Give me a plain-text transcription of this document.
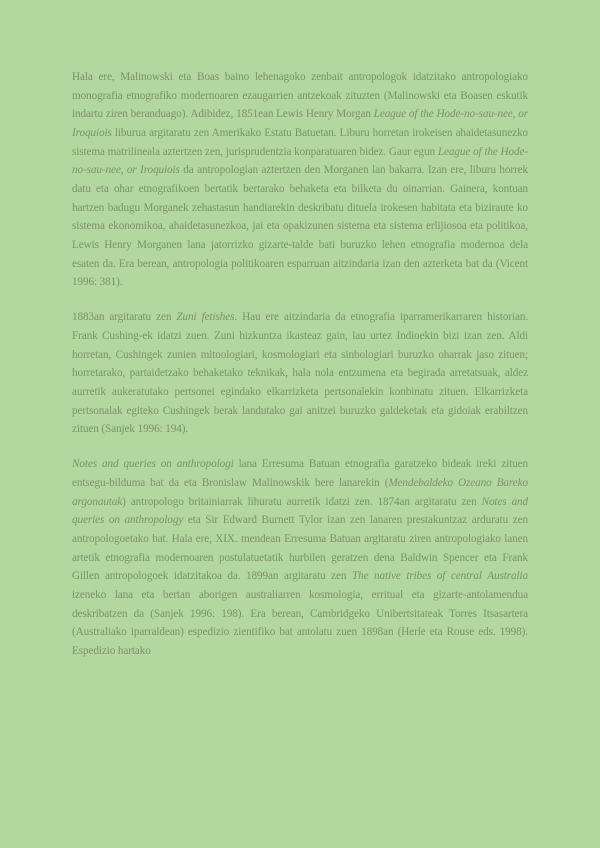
Hala ere, Malinowski eta Boas baino lehenagoko zenbait antropologok idatzitako antropologiako monografia etnografiko modernoaren ezaugarrien antzekoak zituzten (Malinowski eta Boasen eskutik indartu ziren beranduago). Adibidez, 1851ean Lewis Henry Morgan League of the Hode-no-sau-nee, or Iroquiois liburua argitaratu zen Amerikako Estatu Batuetan. Liburu horretan irokeisen ahaidetasunezko sistema matrilineala aztertzen zen, jurisprudentzia konparatuaren bidez. Gaur egun League of the Hode-no-sau-nee, or Iroquiois da antropologian aztertzen den Morganen lan bakarra. Izan ere, liburu horrek datu eta ohar etnografikoen bertatik bertarako behaketa eta bilketa du oinarrian. Gainera, kontuan hartzen badugu Morganek zehastasun handiarekin deskribatu dituela irokesen habitata eta biziraute ko sistema ekonomikoa, ahaidetasunezkoa, jai eta opakizunen sistema eta sistema erlijiosoa eta politikoa, Lewis Henry Morganen lana jatorrizko gizarte-talde bati buruzko lehen etnografia modernoa dela esaten da. Era berean, antropologia politikoaren esparruan aitzindaria izan den azterketa bat da (Vicent 1996: 381).

1883an argitaratu zen Zuni fetishes. Hau ere aitzindaria da etnografia iparramerikarraren historian. Frank Cushing-ek idatzi zuen. Zuni hizkuntza ikasteaz gain, lau urtez Indioekin bizi izan zen. Aldi horretan, Cushingek zunien mitoologiari, kosmologiari eta sinbologiari buruzko oharrak jaso zituen; horretarako, partaidetzako behaketako teknikak, hala nola entzumena eta begirada arretatsuak, aldez aurretik aukeratutako pertsonei egindako elkarrizketa pertsonalekin konbinatu zituen. Elkarrizketa pertsonalak egiteko Cushingek berak landutako gai anitzei buruzko galdeketak eta gidoiak erabiltzen zituen (Sanjek 1996: 194).

Notes and queries on anthropologi lana Erresuma Batuan etnografia garatzeko bideak ireki zituen entsegu-bilduma bat da eta Bronislaw Malinowskik bere lanarekin (Mendebaldeko Ozeano Bareko argonautak) antropologo britainiarrak lihuratu aurretik idatzi zen. 1874an argitaratu zen Notes and queries on anthropology eta Sir Edward Burnett Tylor izan zen lanaren prestakuntzaz arduratu zen antropologoetako bat. Hala ere, XIX. mendean Erresuma Batuan argitaratu ziren antropologiako lanen artetik etnografia modernoaren postulatuetatik hurbilen geratzen dena Baldwin Spencer eta Frank Gillen antropologoek idatzitakoa da. 1899an argitaratu zen The native tribes of central Australia izeneko lana eta bertan aborigen australiarren kosmologia, erritual eta gizarte-antolamendua deskribatzen da (Sanjek 1996: 198). Era berean, Cambridgeko Unibertsitateak Torres Itsasartera (Australiako iparraldean) espedizio zientifiko bat antolatu zuen 1898an (Herle eta Rouse eds. 1998). Espedizio hartako
